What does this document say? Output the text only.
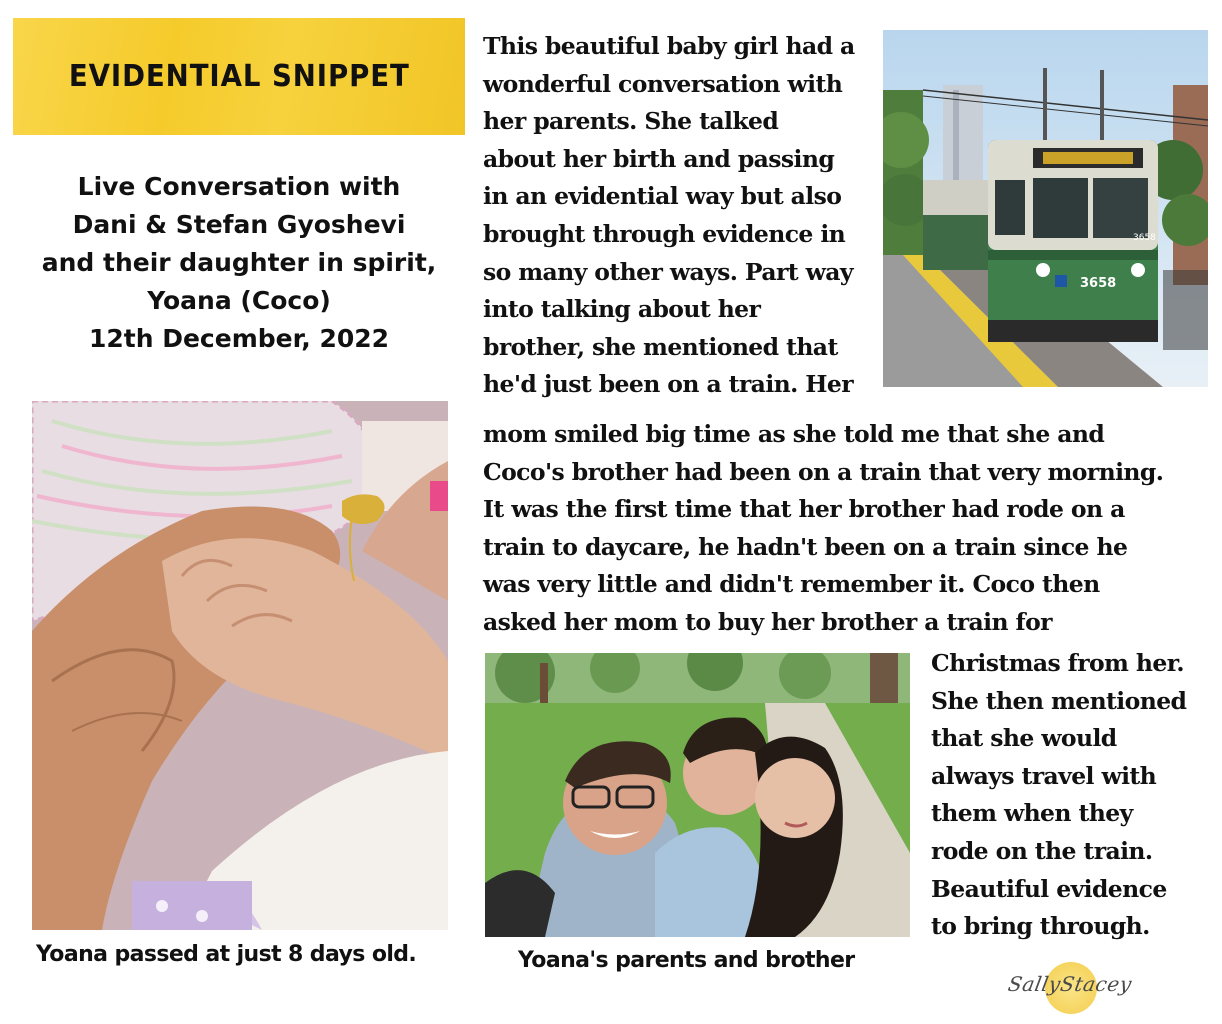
EVIDENTIAL SNIPPET
Live Conversation with
Dani & Stefan Gyoshevi
and their daughter in spirit,
Yoana (Coco)
12th December, 2022
This beautiful baby girl had a
wonderful conversation with
her parents. She talked
about her birth and passing
in an evidential way but also
brought through evidence in
so many other ways. Part way
into talking about her
brother, she mentioned that
he'd just been on a train. Her
3658
3658
mom smiled big time as she told me that she and
Coco's brother had been on a train that very morning.
It was the first time that her brother had rode on a
train to daycare, he hadn't been on a train since he
was very little and didn't remember it. Coco then
asked her mom to buy her brother a train for
Christmas from her.
She then mentioned
that she would
always travel with
them when they
rode on the train.
Beautiful evidence
to bring through.
Yoana passed at just 8 days old.	Yoana's parents and brother
SallyStacey
